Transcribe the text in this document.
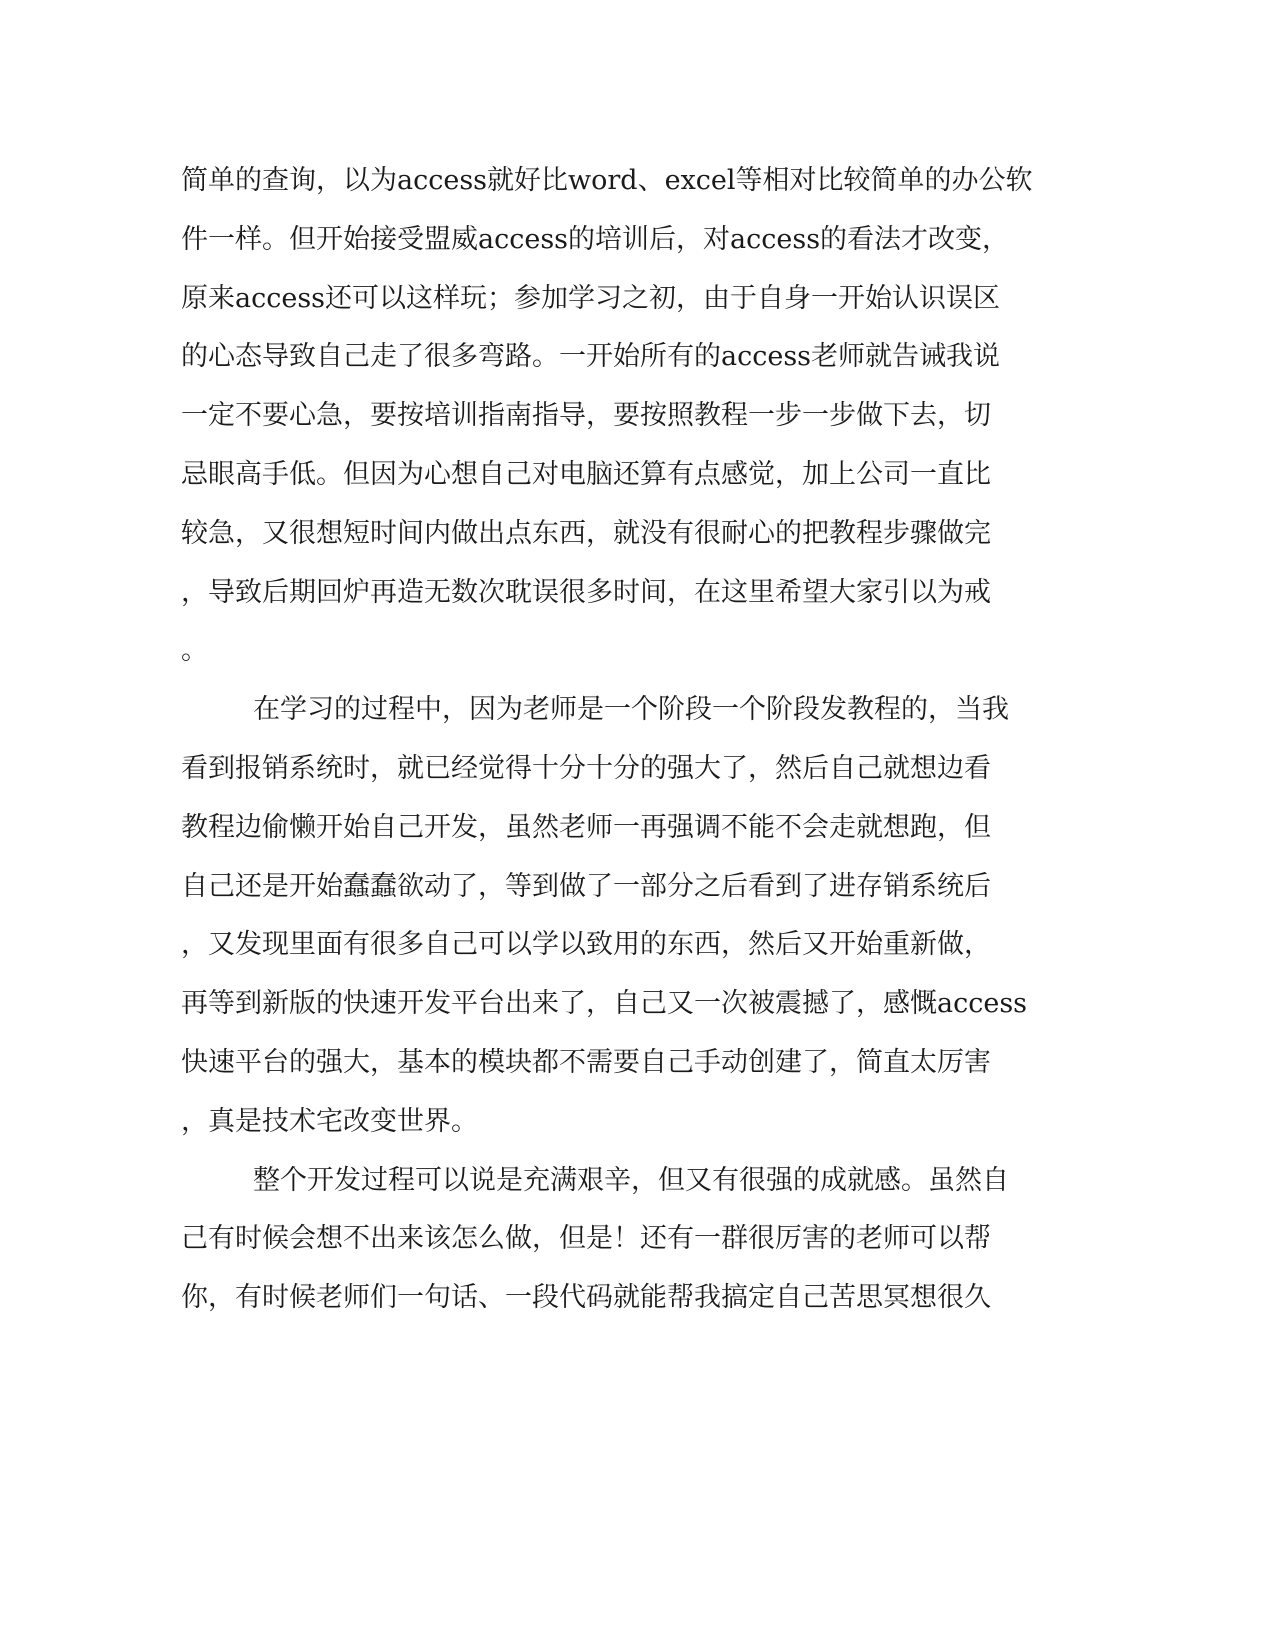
简单的查询，以为access就好比word、excel等相对比较简单的办公软
件一样。但开始接受盟威access的培训后，对access的看法才改变，
原来access还可以这样玩；参加学习之初，由于自身一开始认识误区
的心态导致自己走了很多弯路。一开始所有的access老师就告诫我说
一定不要心急，要按培训指南指导，要按照教程一步一步做下去，切
忌眼高手低。但因为心想自己对电脑还算有点感觉，加上公司一直比
较急，又很想短时间内做出点东西，就没有很耐心的把教程步骤做完
，导致后期回炉再造无数次耽误很多时间，在这里希望大家引以为戒
。
在学习的过程中，因为老师是一个阶段一个阶段发教程的，当我
看到报销系统时，就已经觉得十分十分的强大了，然后自己就想边看
教程边偷懒开始自己开发，虽然老师一再强调不能不会走就想跑，但
自己还是开始蠢蠢欲动了，等到做了一部分之后看到了进存销系统后
，又发现里面有很多自己可以学以致用的东西，然后又开始重新做，
再等到新版的快速开发平台出来了，自己又一次被震撼了，感慨access
快速平台的强大，基本的模块都不需要自己手动创建了，简直太厉害
，真是技术宅改变世界。
整个开发过程可以说是充满艰辛，但又有很强的成就感。虽然自
己有时候会想不出来该怎么做，但是！还有一群很厉害的老师可以帮
你，有时候老师们一句话、一段代码就能帮我搞定自己苦思冥想很久
